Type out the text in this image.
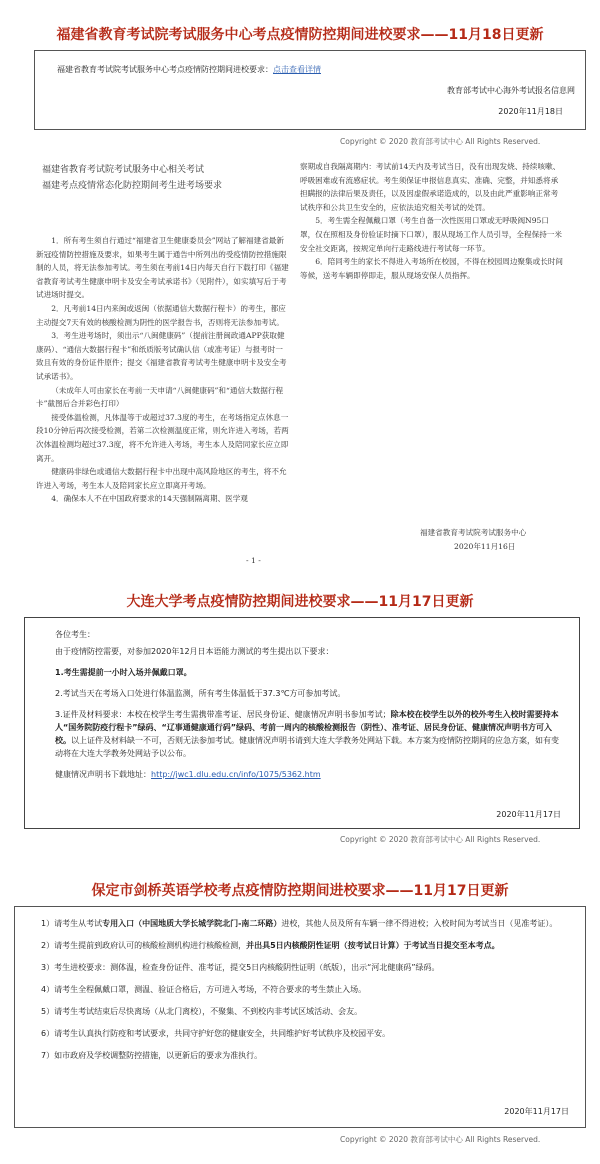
福建省教育考试院考试服务中心考点疫情防控期间进校要求——11月18日更新
福建省教育考试院考试服务中心考点疫情防控期间进校要求：点击查看详情
教育部考试中心海外考试报名信息网
2020年11月18日
Copyright © 2020 教育部考试中心 All Rights Reserved.
福建省教育考试院考试服务中心相关考试
福建考点疫情常态化防控期间考生进考场要求

1．所有考生须自行通过“福建省卫生健康委员会”网站了解福建省最新新冠疫情防控措施及要求，如果考生属于通告中所列出的受疫情防控措施限制的人员，将无法参加考试。考生须在考前14日内每天自行下载打印《福建省教育考试考生健康申明卡及安全考试承诺书》（见附件），如实填写后于考试进场时提交。

2．凡考前14日内来闽或返闽（依据通信大数据行程卡）的考生，都应主动提交7天有效的核酸检测为阴性的医学报告书，否则将无法参加考试。

3．考生进考场时，须出示“八闽健康码”（提前注册闽政通APP获取健康码）、“通信大数据行程卡”和纸质版考试确认信（或准考证）与报考时一致且有效的身份证件原件；提交《福建省教育考试考生健康申明卡及安全考试承诺书》。

（未成年人可由家长在考前一天申请“八闽健康码”和“通信大数据行程卡”截图后合并彩色打印）

接受体温检测，凡体温等于或超过37.3度的考生，在考场指定点休息一段10分钟后再次接受检测，若第二次检测温度正常，则允许进入考场，若两次体温检测均超过37.3度，将不允许进入考场，考生本人及陪同家长应立即离开。

健康码非绿色或通信大数据行程卡中出现中高风险地区的考生，将不允许进入考场，考生本人及陪同家长应立即离开考场。

4．确保本人不在中国政府要求的14天强制隔离期、医学观

- 1 -

察期或自我隔离期内：考试前14天内及考试当日，没有出现发烧、持续咳嗽、呼吸困难或有流感症状。考生须保证申报信息真实、准确、完整，并知悉将承担瞒报的法律后果及责任，以及因虚假承诺造成的，以及由此严重影响正常考试秩序和公共卫生安全的，应依法追究相关考试的处罚。

5．考生需全程佩戴口罩（考生自备一次性医用口罩或无呼吸阀N95口罩，仅在照相及身份验证时摘下口罩），服从现场工作人员引导，全程保持一米安全社交距离，按规定单向行走路线进行考试每一环节。

6．陪同考生的家长不得进入考场所在校园，不得在校园周边聚集或长时间等候，送考车辆即停即走，服从现场安保人员指挥。

福建省教育考试院考试服务中心
2020年11月16日
大连大学考点疫情防控期间进校要求——11月17日更新

各位考生：

由于疫情防控需要，对参加2020年12月日本语能力测试的考生提出以下要求：

1.考生需提前一小时入场并佩戴口罩。

2.考试当天在考场入口处进行体温监测，所有考生体温低于37.3℃方可参加考试。

3.证件及材料要求：本校在校学生考生需携带准考证、居民身份证、健康情况声明书参加考试；除本校在校学生以外的校外考生入校时需要持本人“国务院防疫行程卡”绿码、“辽事通健康通行码”绿码、考前一周内的核酸检测报告（阴性）、准考证、居民身份证、健康情况声明书方可入校。以上证件及材料缺一不可，否则无法参加考试。健康情况声明书请到大连大学教务处网站下载。本方案为疫情防控期间的应急方案，如有变动将在大连大学教务处网站予以公布。

健康情况声明书下载地址：http://jwc1.dlu.edu.cn/info/1075/5362.htm

2020年11月17日
Copyright © 2020 教育部考试中心 All Rights Reserved.
保定市剑桥英语学校考点疫情防控期间进校要求——11月17日更新

1）请考生从考试专用入口（中国地质大学长城学院北门-南二环路）进校，其他人员及所有车辆一律不得进校；入校时间为考试当日（见准考证）。

2）请考生提前到政府认可的核酸检测机构进行核酸检测，并出具5日内核酸阴性证明（按考试日计算）于考试当日提交至本考点。

3）考生进校要求：测体温，检查身份证件、准考证，提交5日内核酸阴性证明（纸版），出示“河北健康码”绿码。

4）请考生全程佩戴口罩，测温、验证合格后，方可进入考场，不符合要求的考生禁止入场。

5）请考生考试结束后尽快离场（从北门离校），不聚集、不到校内非考试区域活动、会友。

6）请考生认真执行防疫和考试要求，共同守护好您的健康安全，共同维护好考试秩序及校园平安。

7）如市政府及学校调整防控措施，以更新后的要求为准执行。

2020年11月17日
Copyright © 2020 教育部考试中心 All Rights Reserved.
